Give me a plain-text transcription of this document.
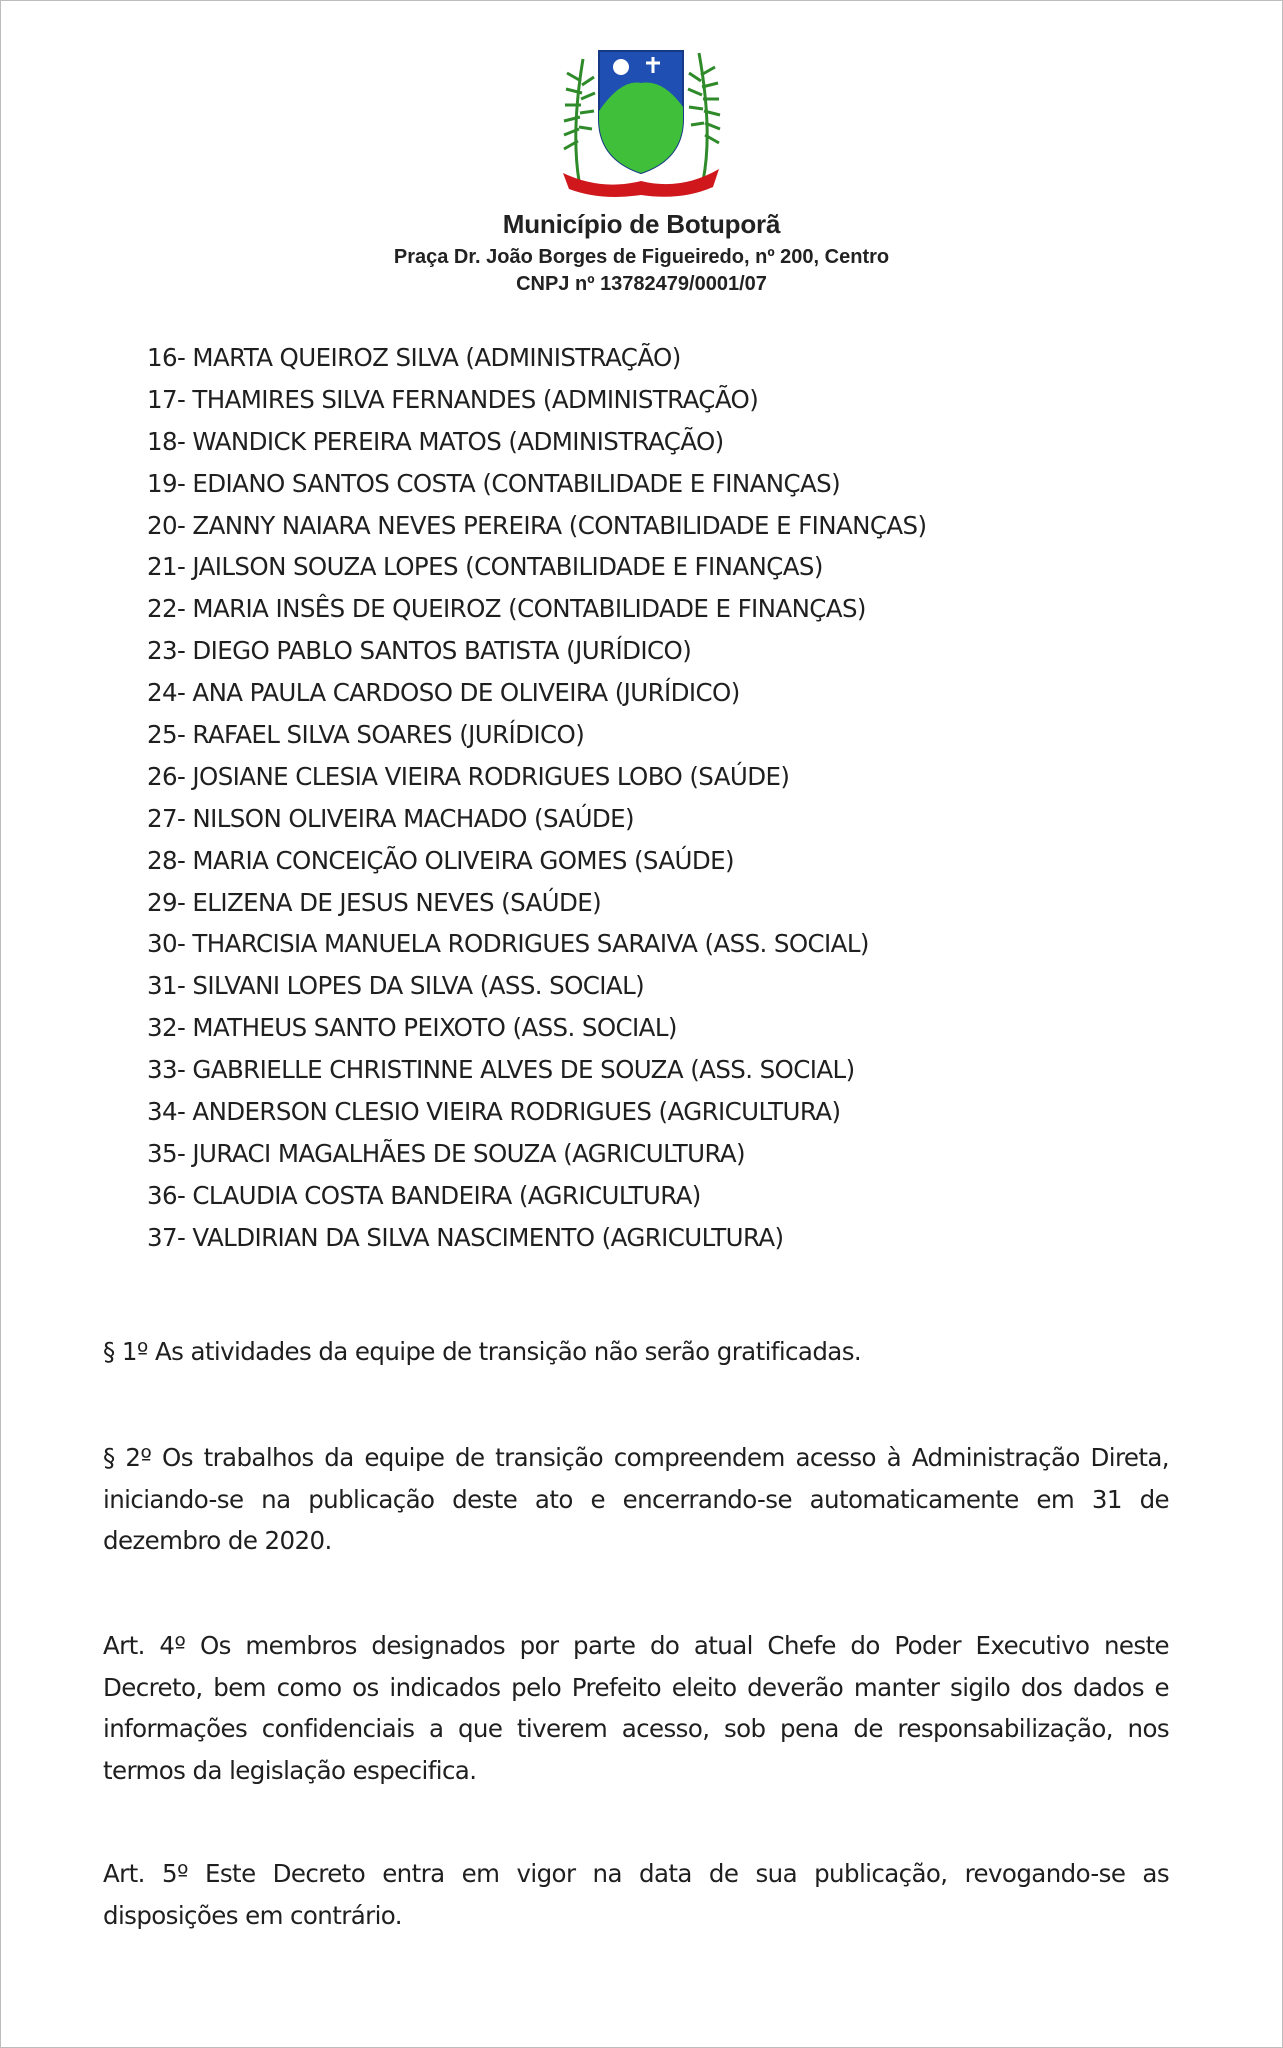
Município de Botuporã
Praça Dr. João Borges de Figueiredo, nº 200, Centro
CNPJ nº 13782479/0001/07
16- MARTA QUEIROZ SILVA (ADMINISTRAÇÃO)
17- THAMIRES SILVA FERNANDES (ADMINISTRAÇÃO)
18- WANDICK PEREIRA MATOS (ADMINISTRAÇÃO)
19- EDIANO SANTOS COSTA (CONTABILIDADE E FINANÇAS)
20- ZANNY NAIARA NEVES PEREIRA (CONTABILIDADE E FINANÇAS)
21- JAILSON SOUZA LOPES (CONTABILIDADE E FINANÇAS)
22- MARIA INSÊS DE QUEIROZ (CONTABILIDADE E FINANÇAS)
23- DIEGO PABLO SANTOS BATISTA (JURÍDICO)
24- ANA PAULA CARDOSO DE OLIVEIRA (JURÍDICO)
25- RAFAEL SILVA SOARES (JURÍDICO)
26- JOSIANE CLESIA VIEIRA RODRIGUES LOBO (SAÚDE)
27- NILSON OLIVEIRA MACHADO (SAÚDE)
28- MARIA CONCEIÇÃO OLIVEIRA GOMES (SAÚDE)
29- ELIZENA DE JESUS NEVES (SAÚDE)
30- THARCISIA MANUELA RODRIGUES SARAIVA (ASS. SOCIAL)
31- SILVANI LOPES DA SILVA (ASS. SOCIAL)
32- MATHEUS SANTO PEIXOTO (ASS. SOCIAL)
33- GABRIELLE CHRISTINNE ALVES DE SOUZA (ASS. SOCIAL)
34- ANDERSON CLESIO VIEIRA RODRIGUES (AGRICULTURA)
35- JURACI MAGALHÃES DE SOUZA (AGRICULTURA)
36- CLAUDIA COSTA BANDEIRA (AGRICULTURA)
37- VALDIRIAN DA SILVA NASCIMENTO (AGRICULTURA)

§ 1º As atividades da equipe de transição não serão gratificadas.

§ 2º Os trabalhos da equipe de transição compreendem acesso à Administração Direta, iniciando-se na publicação deste ato e encerrando-se automaticamente em 31 de dezembro de 2020.

Art. 4º Os membros designados por parte do atual Chefe do Poder Executivo neste Decreto, bem como os indicados pelo Prefeito eleito deverão manter sigilo dos dados e informações confidenciais a que tiverem acesso, sob pena de responsabilização, nos termos da legislação especifica.

Art. 5º Este Decreto entra em vigor na data de sua publicação, revogando-se as disposições em contrário.
